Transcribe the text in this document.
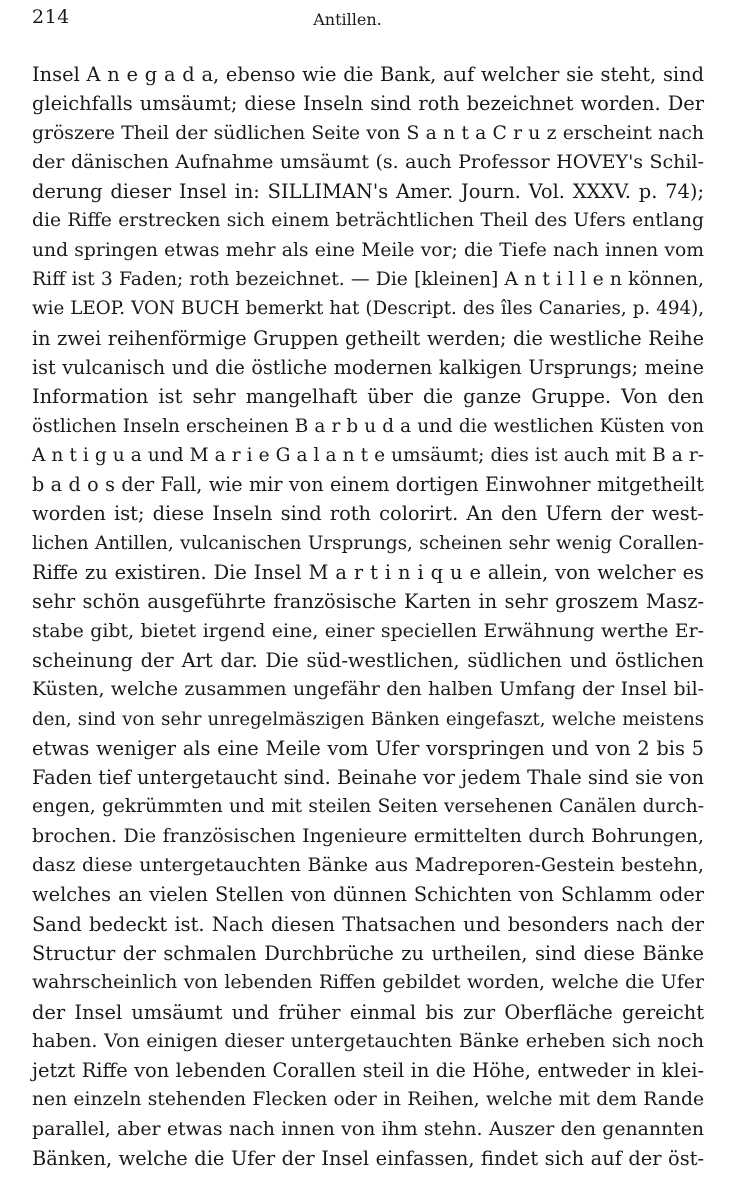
214	Antillen.
Insel A n e g a d a, ebenso wie die Bank, auf welcher sie steht, sind
gleichfalls umsäumt; diese Inseln sind roth bezeichnet worden. Der
gröszere Theil der südlichen Seite von S a n t a C r u z erscheint nach
der dänischen Aufnahme umsäumt (s. auch Professor HOVEY's Schil-
derung dieser Insel in: SILLIMAN's Amer. Journ. Vol. XXXV. p. 74);
die Riffe erstrecken sich einem beträchtlichen Theil des Ufers entlang
und springen etwas mehr als eine Meile vor; die Tiefe nach innen vom
Riff ist 3 Faden; roth bezeichnet. — Die [kleinen] A n t i l l e n können,
wie LEOP. VON BUCH bemerkt hat (Descript. des îles Canaries, p. 494),
in zwei reihenförmige Gruppen getheilt werden; die westliche Reihe
ist vulcanisch und die östliche modernen kalkigen Ursprungs; meine
Information ist sehr mangelhaft über die ganze Gruppe. Von den
östlichen Inseln erscheinen B a r b u d a und die westlichen Küsten von
A n t i g u a und M a r i e G a l a n t e umsäumt; dies ist auch mit B a r-
b a d o s der Fall, wie mir von einem dortigen Einwohner mitgetheilt
worden ist; diese Inseln sind roth colorirt. An den Ufern der west-
lichen Antillen, vulcanischen Ursprungs, scheinen sehr wenig Corallen-
Riffe zu existiren. Die Insel M a r t i n i q u e allein, von welcher es
sehr schön ausgeführte französische Karten in sehr groszem Masz-
stabe gibt, bietet irgend eine, einer speciellen Erwähnung werthe Er-
scheinung der Art dar. Die süd-westlichen, südlichen und östlichen
Küsten, welche zusammen ungefähr den halben Umfang der Insel bil-
den, sind von sehr unregelmäszigen Bänken eingefaszt, welche meistens
etwas weniger als eine Meile vom Ufer vorspringen und von 2 bis 5
Faden tief untergetaucht sind. Beinahe vor jedem Thale sind sie von
engen, gekrümmten und mit steilen Seiten versehenen Canälen durch-
brochen. Die französischen Ingenieure ermittelten durch Bohrungen,
dasz diese untergetauchten Bänke aus Madreporen-Gestein bestehn,
welches an vielen Stellen von dünnen Schichten von Schlamm oder
Sand bedeckt ist. Nach diesen Thatsachen und besonders nach der
Structur der schmalen Durchbrüche zu urtheilen, sind diese Bänke
wahrscheinlich von lebenden Riffen gebildet worden, welche die Ufer
der Insel umsäumt und früher einmal bis zur Oberfläche gereicht
haben. Von einigen dieser untergetauchten Bänke erheben sich noch
jetzt Riffe von lebenden Corallen steil in die Höhe, entweder in klei-
nen einzeln stehenden Flecken oder in Reihen, welche mit dem Rande
parallel, aber etwas nach innen von ihm stehn. Auszer den genannten
Bänken, welche die Ufer der Insel einfassen, findet sich auf der öst-
